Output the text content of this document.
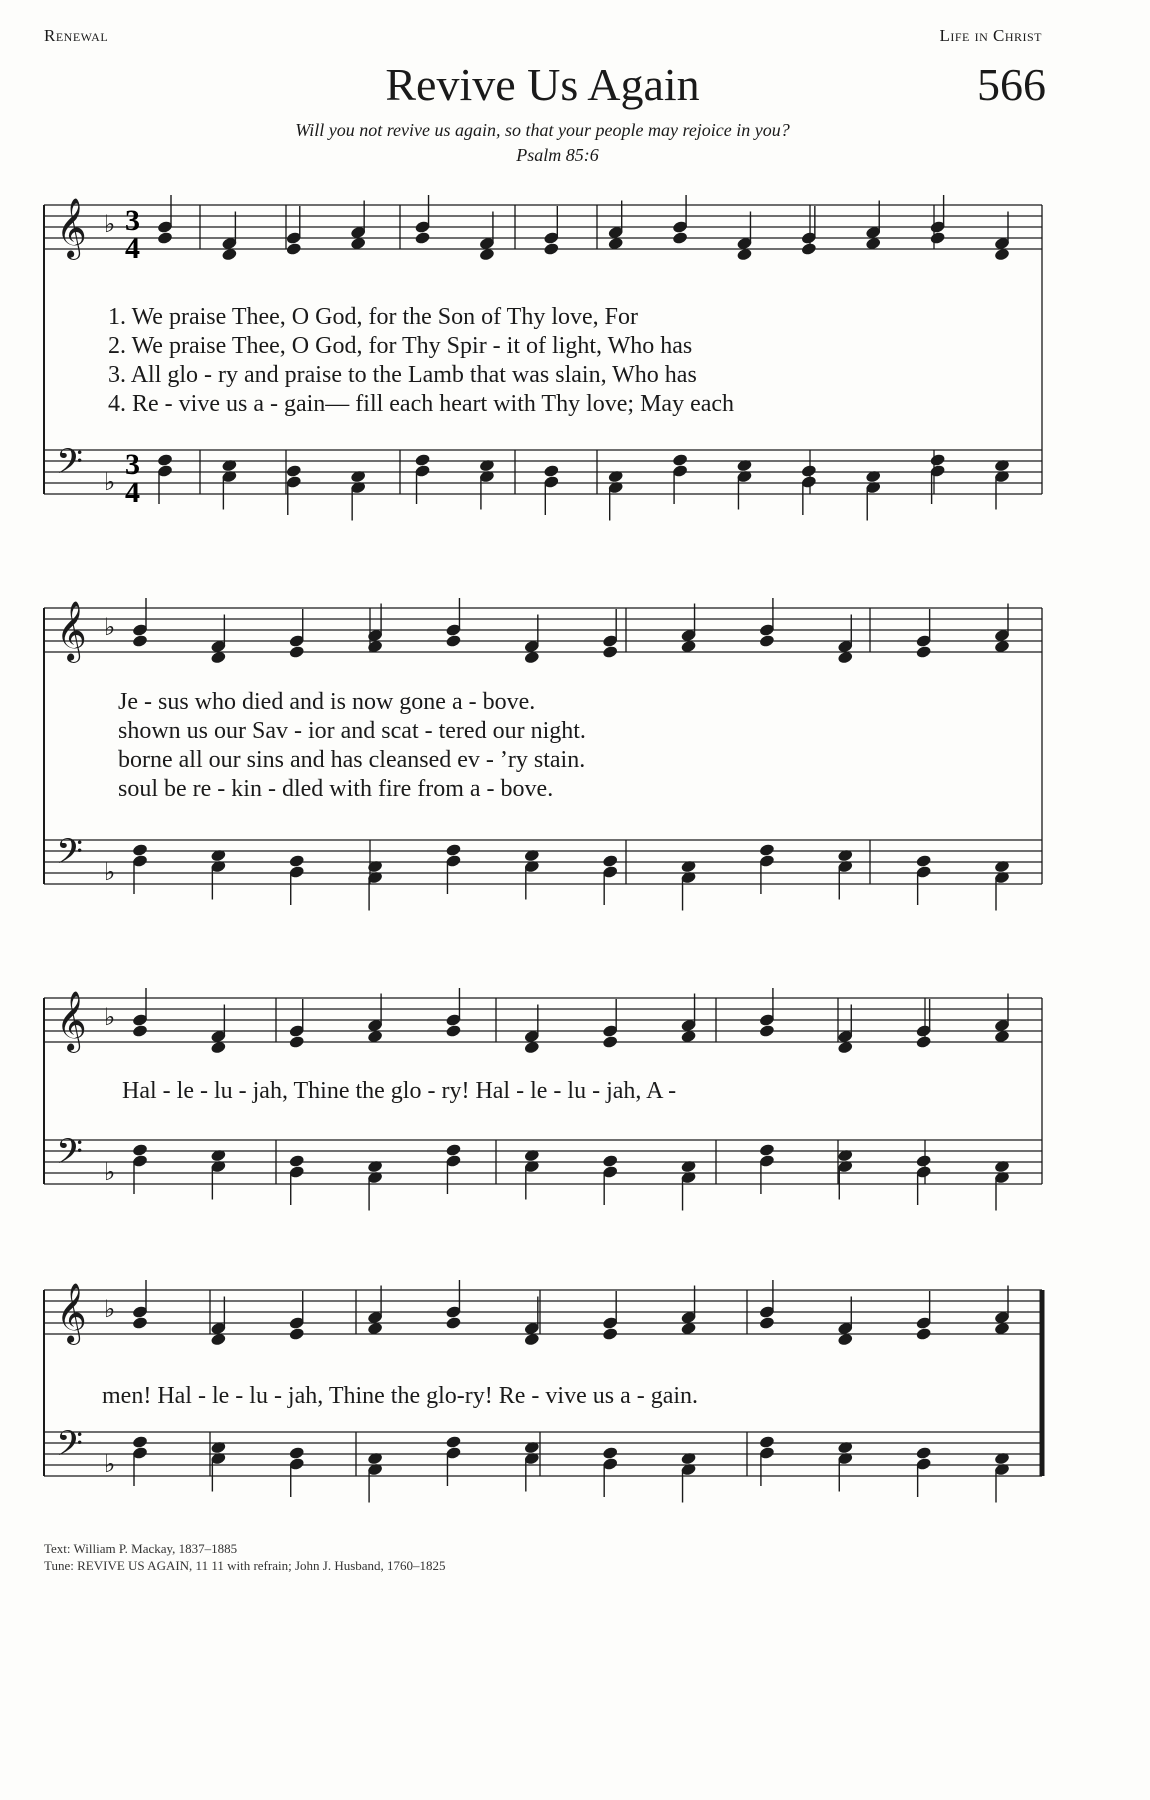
Renewal	Life in Christ
Revive Us Again	566
Will you not revive us again, so that your people may rejoice in you?
Psalm 85:6
𝄞
𝄢
♭
♭
𝄞
𝄢
♭
♭
𝄞
𝄢
♭
♭
𝄞
𝄢
♭
♭
3
4
3
4
1. We praise Thee, O God, for the Son of Thy love, For
2. We praise Thee, O God, for Thy Spir - it of light, Who has
3. All glo - ry and praise to the Lamb that was slain, Who has
4. Re - vive us a - gain— fill each heart with Thy love; May each
Je - sus who died and is now gone a - bove.
shown us our Sav - ior and scat - tered our night.
borne all our sins and has cleansed ev - ’ry stain.
soul be re - kin - dled with fire from a - bove.
Hal - le - lu - jah, Thine the glo - ry! Hal - le - lu - jah, A -
men! Hal - le - lu - jah, Thine the glo-ry! Re - vive us a - gain.
Text: William P. Mackay, 1837–1885
Tune: REVIVE US AGAIN, 11 11 with refrain; John J. Husband, 1760–1825
